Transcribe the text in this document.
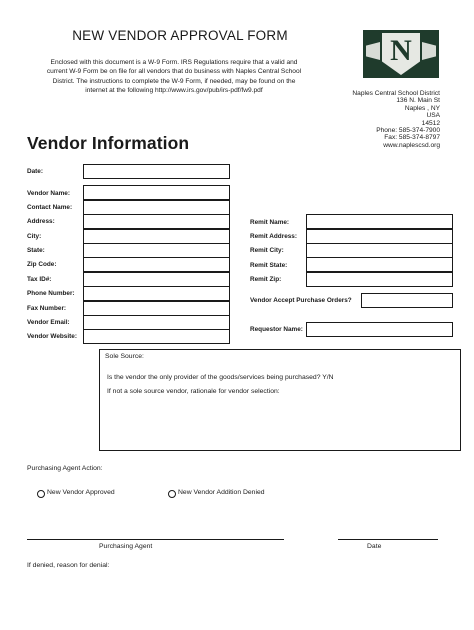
NEW VENDOR APPROVAL FORM
Enclosed with this document is a W-9 Form. IRS Regulations require that a valid and
current W-9 Form be on file for all vendors that do business with Naples Central School
District. The instructions to complete the W-9 Form, if needed, may be found on the
internet at the following http://www.irs.gov/pub/irs-pdf/fw9.pdf
N
Naples Central School District
136 N. Main St
Naples , NY
USA
14512
Phone: 585-374-7900
Fax: 585-374-8797
www.naplescsd.org
Vendor Information
Date:
Vendor Name:
Contact Name:
Address:
City:
State:
Zip Code:
Tax ID#:
Phone Number:
Fax Number:
Vendor Email:
Vendor Website:
Remit Name:
Remit Address:
Remit City:
Remit State:
Remit Zip:
Vendor Accept Purchase Orders?
Requestor Name:
Sole Source:
Is the vendor the only provider of the goods/services being purchased? Y/N
If not a sole source vendor, rationale for vendor selection:
Purchasing Agent Action:
New Vendor Approved	New Vendor Addition Denied
Purchasing Agent	Date
If denied, reason for denial:
